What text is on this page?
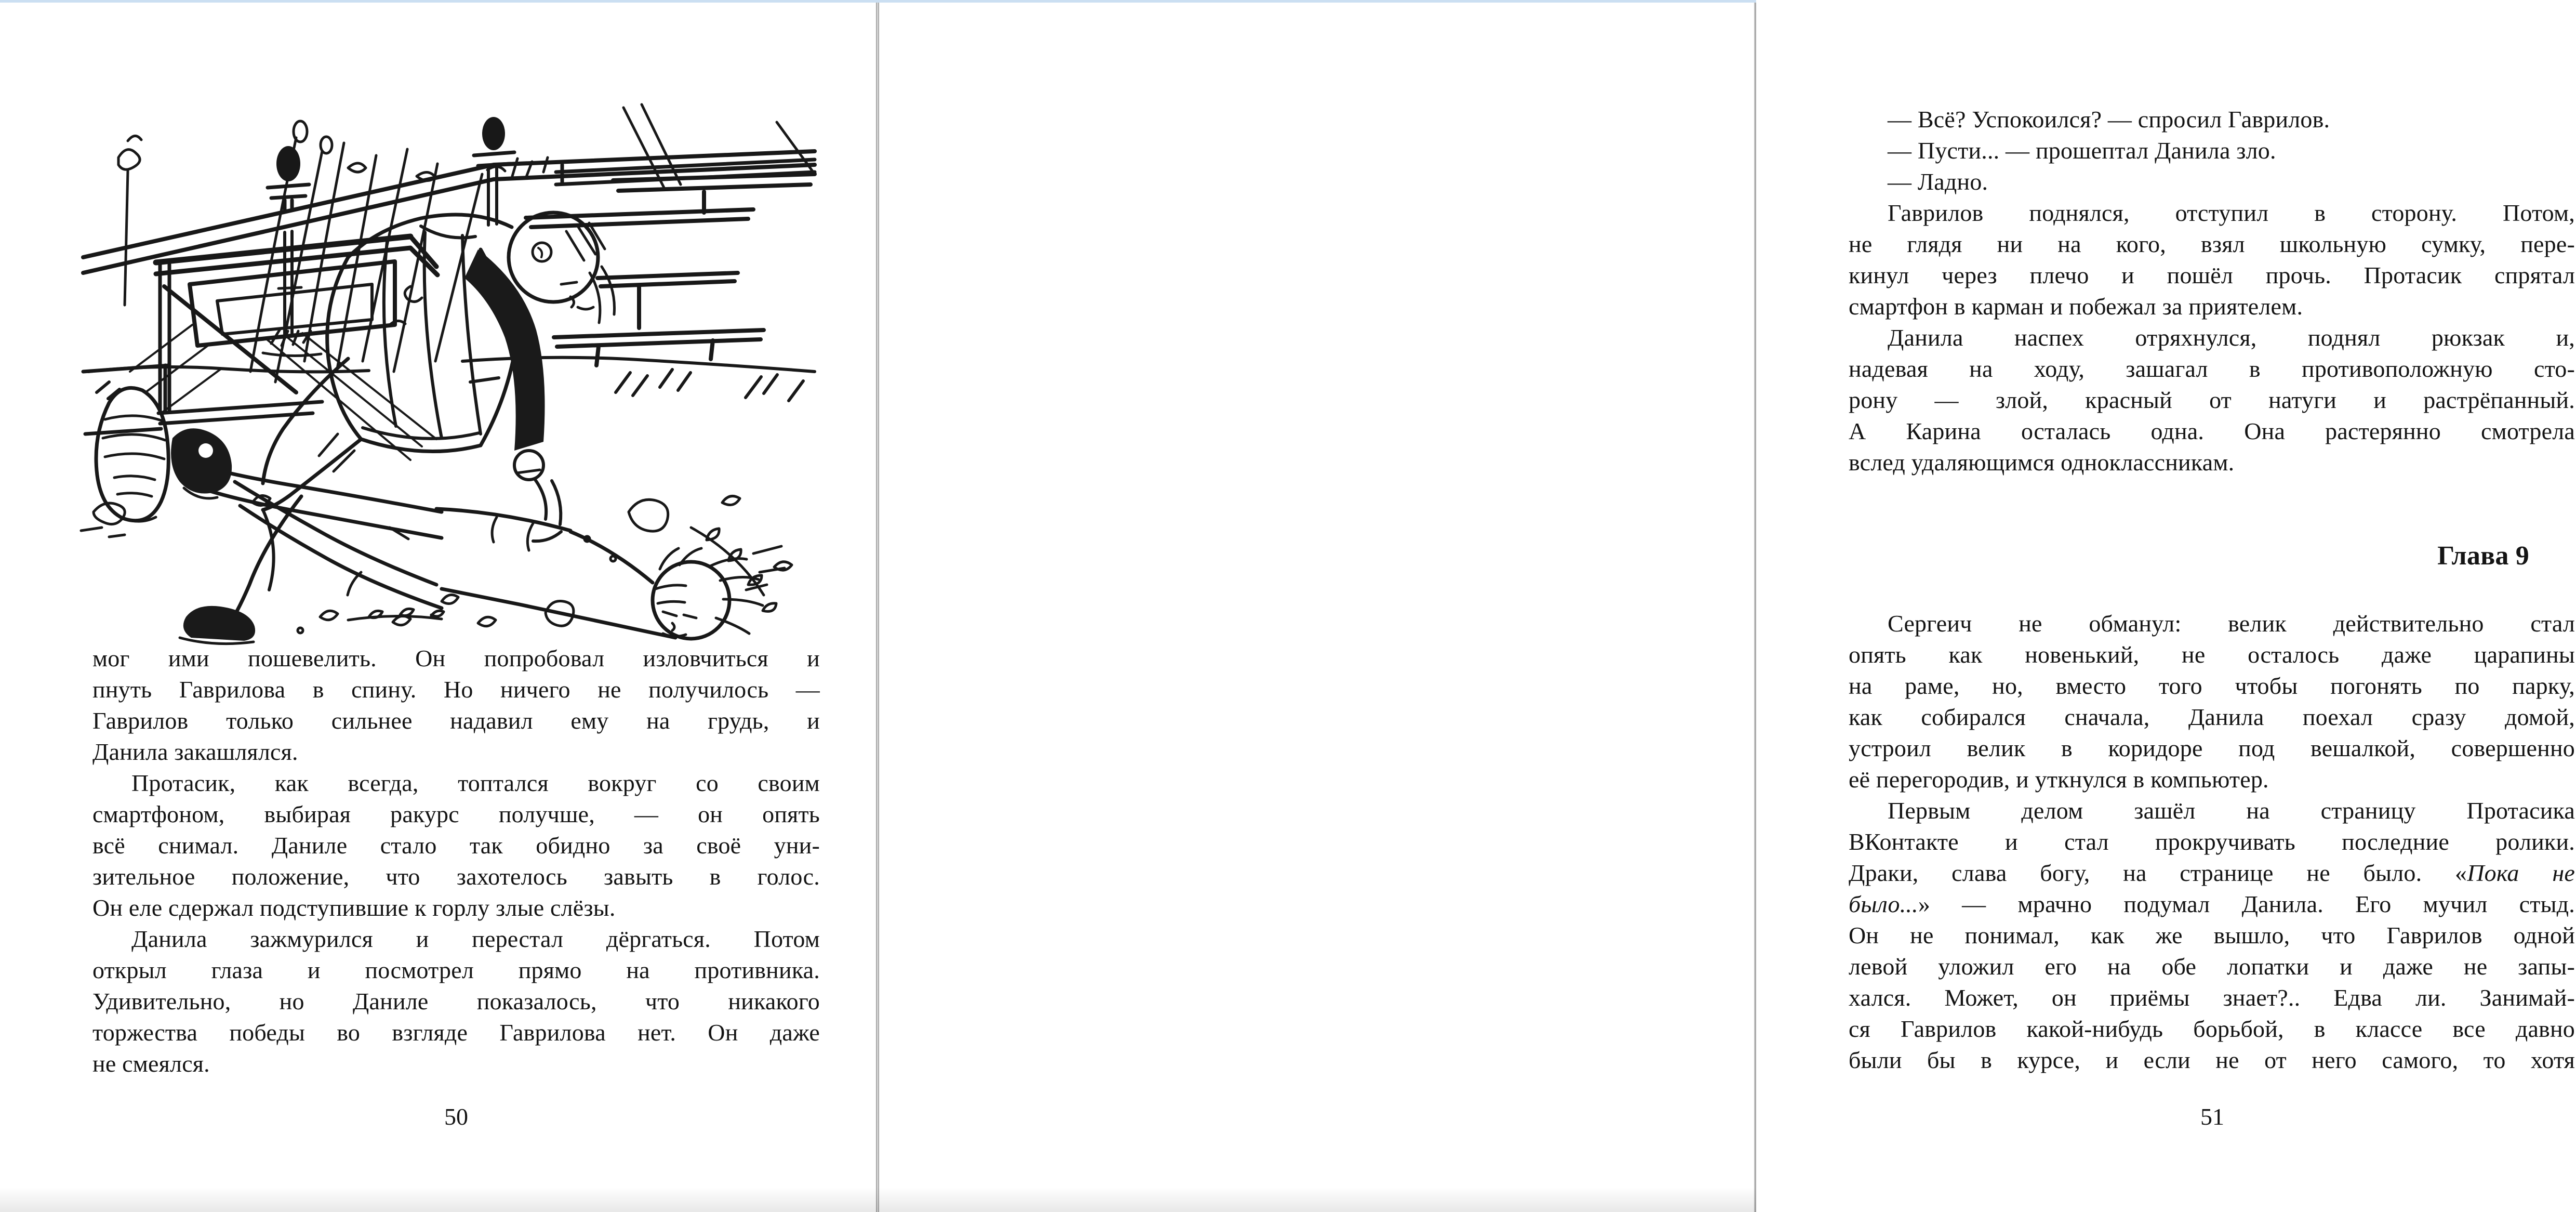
мог ими пошевелить. Он попробовал изловчиться и
пнуть Гаврилова в спину. Но ничего не получилось —
Гаврилов только сильнее надавил ему на грудь, и
Данила закашлялся.
Протасик, как всегда, топтался вокруг со своим
смартфоном, выбирая ракурс получше, — он опять
всё снимал. Даниле стало так обидно за своё уни-
зительное положение, что захотелось завыть в голос.
Он еле сдержал подступившие к горлу злые слёзы.
Данила зажмурился и перестал дёргаться. Потом
открыл глаза и посмотрел прямо на противника.
Удивительно, но Даниле показалось, что никакого
торжества победы во взгляде Гаврилова нет. Он даже
не смеялся.
50
— Всё? Успокоился? — спросил Гаврилов.
— Пусти... — прошептал Данила зло.
— Ладно.
Гаврилов поднялся, отступил в сторону. Потом,
не глядя ни на кого, взял школьную сумку, пере-
кинул через плечо и пошёл прочь. Протасик спрятал
смартфон в карман и побежал за приятелем.
Данила наспех отряхнулся, поднял рюкзак и,
надевая на ходу, зашагал в противоположную сто-
рону — злой, красный от натуги и растрёпанный.
А Карина осталась одна. Она растерянно смотрела
вслед удаляющимся одноклассникам.
Глава 9
Сергеич не обманул: велик действительно стал
опять как новенький, не осталось даже царапины
на раме, но, вместо того чтобы погонять по парку,
как собирался сначала, Данила поехал сразу домой,
устроил велик в коридоре под вешалкой, совершенно
её перегородив, и уткнулся в компьютер.
Первым делом зашёл на страницу Протасика
ВКонтакте и стал прокручивать последние ролики.
Драки, слава богу, на странице не было. «Пока не
было...» — мрачно подумал Данила. Его мучил стыд.
Он не понимал, как же вышло, что Гаврилов одной
левой уложил его на обе лопатки и даже не запы-
хался. Может, он приёмы знает?.. Едва ли. Занимай-
ся Гаврилов какой-нибудь борьбой, в классе все давно
были бы в курсе, и если не от него самого, то хотя
51
